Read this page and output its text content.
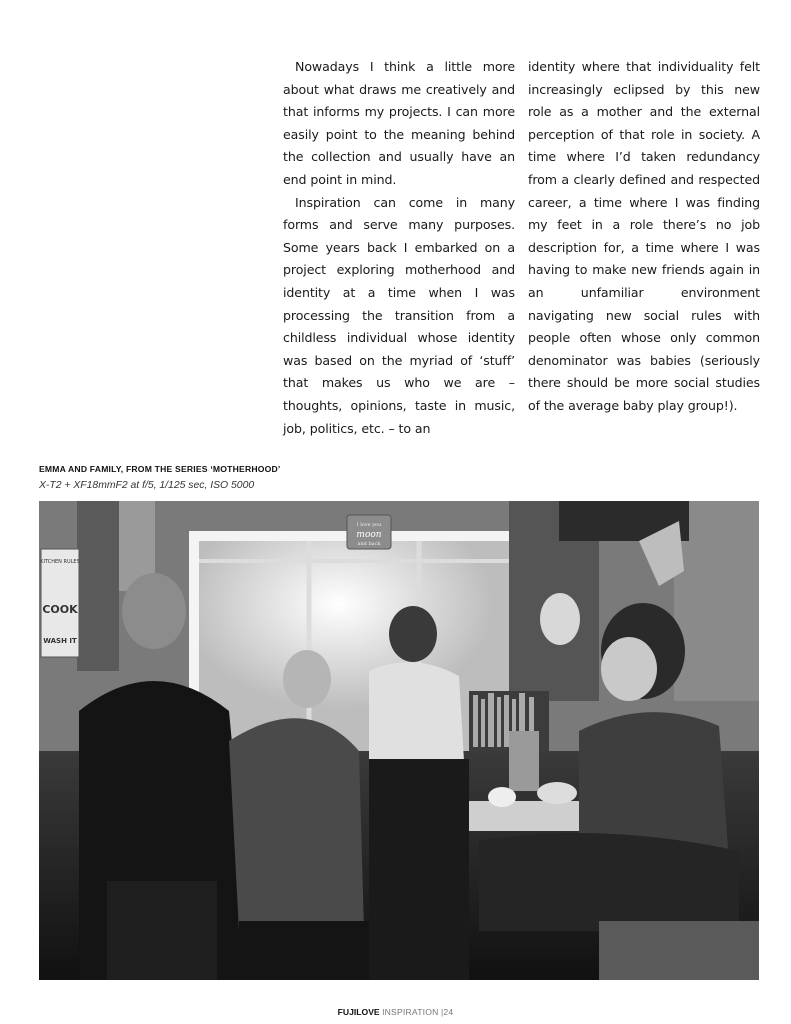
Nowadays I think a little more about what draws me creatively and that informs my projects. I can more easily point to the meaning behind the collection and usually have an end point in mind.

Inspiration can come in many forms and serve many purposes. Some years back I embarked on a project exploring motherhood and identity at a time when I was processing the transition from a childless individual whose identity was based on the myriad of ‘stuff’ that makes us who we are – thoughts, opinions, taste in music, job, politics, etc. – to an

identity where that individuality felt increasingly eclipsed by this new role as a mother and the external perception of that role in society. A time where I’d taken redundancy from a clearly defined and respected career, a time where I was finding my feet in a role there’s no job description for, a time where I was having to make new friends again in an unfamiliar environment navigating new social rules with people often whose only common denominator was babies (seriously there should be more social studies of the average baby play group!).

EMMA AND FAMILY, FROM THE SERIES ‘MOTHERHOOD’

X-T2 + XF18mmF2 at f/5, 1/125 sec, ISO 5000

KITCHEN RULES
COOK
WASH IT
I love you
moon
and back
FUJILOVE INSPIRATION |24
